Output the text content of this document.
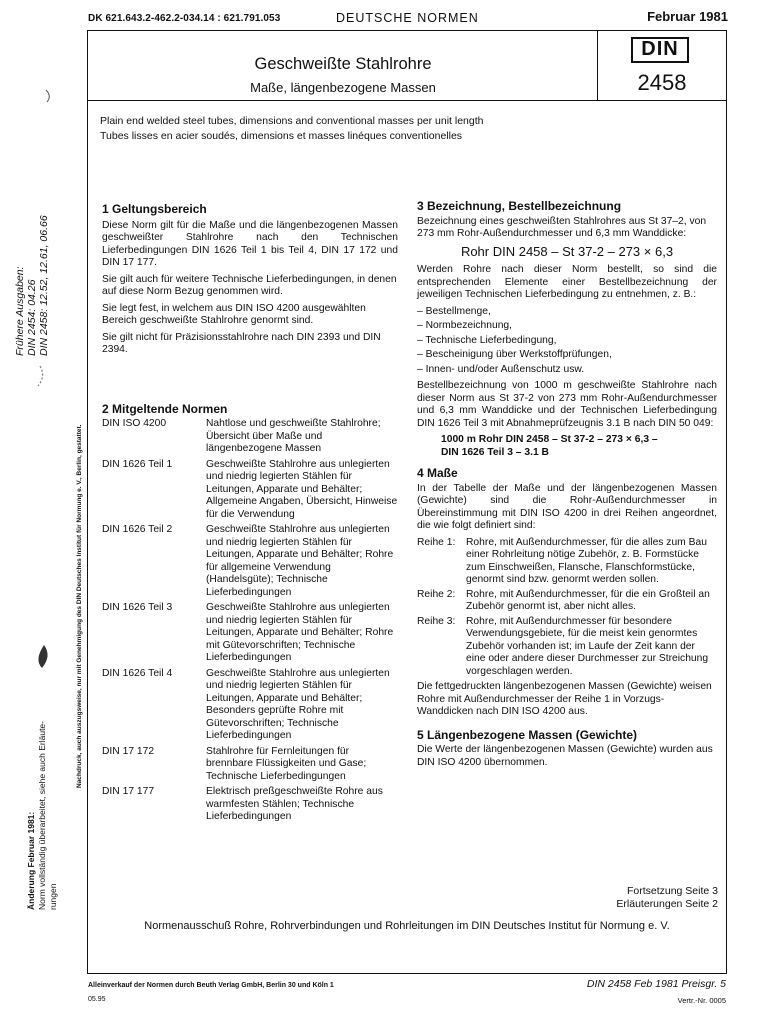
DK 621.643.2-462.2-034.14 : 621.791.053	DEUTSCHE NORMEN	Februar 1981
Geschweißte Stahlrohre
Maße, längenbezogene Massen
DIN
2458
Plain end welded steel tubes, dimensions and conventional masses per unit length
Tubes lisses en acier soudés, dimensions et masses linéques conventionelles
1 Geltungsbereich

Diese Norm gilt für die Maße und die längenbezogenen Massen geschweißter Stahlrohre nach den Technischen Lieferbedingungen DIN 1626 Teil 1 bis Teil 4, DIN 17 172 und DIN 17 177.

Sie gilt auch für weitere Technische Lieferbedingungen, in denen auf diese Norm Bezug genommen wird.

Sie legt fest, in welchem aus DIN ISO 4200 ausgewählten Bereich geschweißte Stahlrohre genormt sind.

Sie gilt nicht für Präzisionsstahlrohre nach DIN 2393 und DIN 2394.

2 Mitgeltende Normen
DIN ISO 4200	Nahtlose und geschweißte Stahlrohre; Übersicht über Maße und längenbezogene Massen
DIN 1626 Teil 1	Geschweißte Stahlrohre aus unlegierten und niedrig legierten Stählen für Leitungen, Apparate und Behälter; Allgemeine Angaben, Übersicht, Hinweise für die Verwendung
DIN 1626 Teil 2	Geschweißte Stahlrohre aus unlegierten und niedrig legierten Stählen für Leitungen, Apparate und Behälter; Rohre für allgemeine Verwendung (Handelsgüte); Technische Lieferbedingungen
DIN 1626 Teil 3	Geschweißte Stahlrohre aus unlegierten und niedrig legierten Stählen für Leitungen, Apparate und Behälter; Rohre mit Gütevorschriften; Technische Lieferbedingungen
DIN 1626 Teil 4	Geschweißte Stahlrohre aus unlegierten und niedrig legierten Stählen für Leitungen, Apparate und Behälter; Besonders geprüfte Rohre mit Gütevorschriften; Technische Lieferbedingungen
DIN 17 172	Stahlrohre für Fernleitungen für brennbare Flüssigkeiten und Gase; Technische Lieferbedingungen
DIN 17 177	Elektrisch preßgeschweißte Rohre aus warmfesten Stählen; Technische Lieferbedingungen
3 Bezeichnung, Bestellbezeichnung

Bezeichnung eines geschweißten Stahlrohres aus St 37–2, von 273 mm Rohr-Außendurchmesser und 6,3 mm Wanddicke:

Rohr DIN 2458 – St 37-2 – 273 × 6,3

Werden Rohre nach dieser Norm bestellt, so sind die entsprechenden Elemente einer Bestellbezeichnung der jeweiligen Technischen Lieferbedingung zu entnehmen, z. B.:

– Bestellmenge,
– Normbezeichnung,
– Technische Lieferbedingung,
– Bescheinigung über Werkstoffprüfungen,
– Innen- und/oder Außenschutz usw.

Bestellbezeichnung von 1000 m geschweißte Stahlrohre nach dieser Norm aus St 37-2 von 273 mm Rohr-Außendurchmesser und 6,3 mm Wanddicke und der Technischen Lieferbedingung DIN 1626 Teil 3 mit Abnahmeprüfzeugnis 3.1 B nach DIN 50 049:

1000 m Rohr DIN 2458 – St 37-2 – 273 × 6,3 –
DIN 1626 Teil 3 – 3.1 B
4 Maße

In der Tabelle der Maße und der längenbezogenen Massen (Gewichte) sind die Rohr-Außendurchmesser in Übereinstimmung mit DIN ISO 4200 in drei Reihen angeordnet, die wie folgt definiert sind:

Reihe 1:	Rohre, mit Außendurchmesser, für die alles zum Bau einer Rohrleitung nötige Zubehör, z. B. Formstücke zum Einschweißen, Flansche, Flanschformstücke, genormt sind bzw. genormt werden sollen.
Reihe 2:	Rohre, mit Außendurchmesser, für die ein Großteil an Zubehör genormt ist, aber nicht alles.
Reihe 3:	Rohre, mit Außendurchmesser für besondere Verwendungsgebiete, für die meist kein genormtes Zubehör vorhanden ist; im Laufe der Zeit kann der eine oder andere dieser Durchmesser zur Streichung vorgeschlagen werden.

Die fettgedruckten längenbezogenen Massen (Gewichte) weisen Rohre mit Außendurchmesser der Reihe 1 in Vorzugs-Wanddicken nach DIN ISO 4200 aus.

5 Längenbezogene Massen (Gewichte)

Die Werte der längenbezogenen Massen (Gewichte) wurden aus DIN ISO 4200 übernommen.

Fortsetzung Seite 3
Erläuterungen Seite 2
Normenausschuß Rohre, Rohrverbindungen und Rohrleitungen im DIN Deutsches Institut für Normung e. V.
Frühere Ausgaben: DIN 2454: 04.26 DIN 2458: 12.52, 12.61, 06.66
Nachdruck, auch auszugsweise, nur mit Genehmigung des DIN Deutsches Institut für Normung e. V., Berlin, gestattet.
Änderung Februar 1981: Norm vollständig überarbeitet, siehe auch Erläute- rungen
Alleinverkauf der Normen durch Beuth Verlag GmbH, Berlin 30 und Köln 1
05.95
DIN 2458 Feb 1981 Preisgr. 5
Vertr.-Nr. 0005
